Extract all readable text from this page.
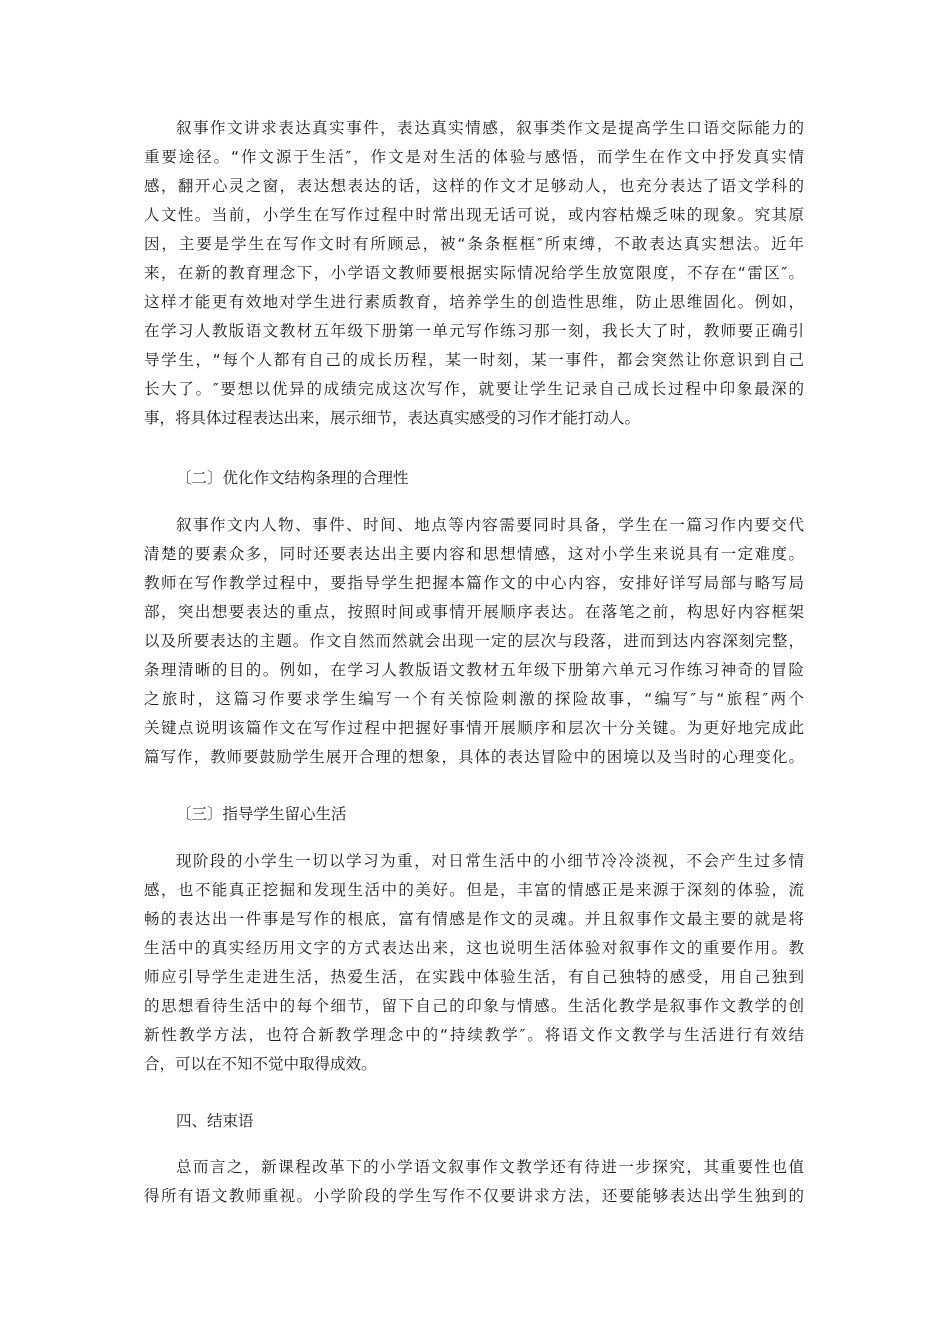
叙事作文讲求表达真实事件，表达真实情感，叙事类作文是提高学生口语交际能力的
重要途径。“作文源于生活″，作文是对生活的体验与感悟，而学生在作文中抒发真实情
感，翻开心灵之窗，表达想表达的话，这样的作文才足够动人，也充分表达了语文学科的
人文性。当前，小学生在写作过程中时常出现无话可说，或内容枯燥乏味的现象。究其原
因，主要是学生在写作文时有所顾忌，被“条条框框″所束缚，不敢表达真实想法。近年
来，在新的教育理念下，小学语文教师要根据实际情况给学生放宽限度，不存在“雷区″。
这样才能更有效地对学生进行素质教育，培养学生的创造性思维，防止思维固化。例如，
在学习人教版语文教材五年级下册第一单元写作练习那一刻，我长大了时，教师要正确引
导学生，“每个人都有自己的成长历程，某一时刻，某一事件，都会突然让你意识到自己
长大了。″要想以优异的成绩完成这次写作，就要让学生记录自己成长过程中印象最深的
事，将具体过程表达出来，展示细节，表达真实感受的习作才能打动人。
〔二〕优化作文结构条理的合理性
叙事作文内人物、事件、时间、地点等内容需要同时具备，学生在一篇习作内要交代
清楚的要素众多，同时还要表达出主要内容和思想情感，这对小学生来说具有一定难度。
教师在写作教学过程中，要指导学生把握本篇作文的中心内容，安排好详写局部与略写局
部，突出想要表达的重点，按照时间或事情开展顺序表达。在落笔之前，构思好内容框架
以及所要表达的主题。作文自然而然就会出现一定的层次与段落，进而到达内容深刻完整，
条理清晰的目的。例如，在学习人教版语文教材五年级下册第六单元习作练习神奇的冒险
之旅时，这篇习作要求学生编写一个有关惊险刺激的探险故事，“编写″与“旅程″两个
关键点说明该篇作文在写作过程中把握好事情开展顺序和层次十分关键。为更好地完成此
篇写作，教师要鼓励学生展开合理的想象，具体的表达冒险中的困境以及当时的心理变化。
〔三〕指导学生留心生活
现阶段的小学生一切以学习为重，对日常生活中的小细节冷冷淡视，不会产生过多情
感，也不能真正挖掘和发现生活中的美好。但是，丰富的情感正是来源于深刻的体验，流
畅的表达出一件事是写作的根底，富有情感是作文的灵魂。并且叙事作文最主要的就是将
生活中的真实经历用文字的方式表达出来，这也说明生活体验对叙事作文的重要作用。教
师应引导学生走进生活，热爱生活，在实践中体验生活，有自己独特的感受，用自己独到
的思想看待生活中的每个细节，留下自己的印象与情感。生活化教学是叙事作文教学的创
新性教学方法，也符合新教学理念中的“持续教学″。将语文作文教学与生活进行有效结
合，可以在不知不觉中取得成效。
四、结束语
总而言之，新课程改革下的小学语文叙事作文教学还有待进一步探究，其重要性也值
得所有语文教师重视。小学阶段的学生写作不仅要讲求方法，还要能够表达出学生独到的
